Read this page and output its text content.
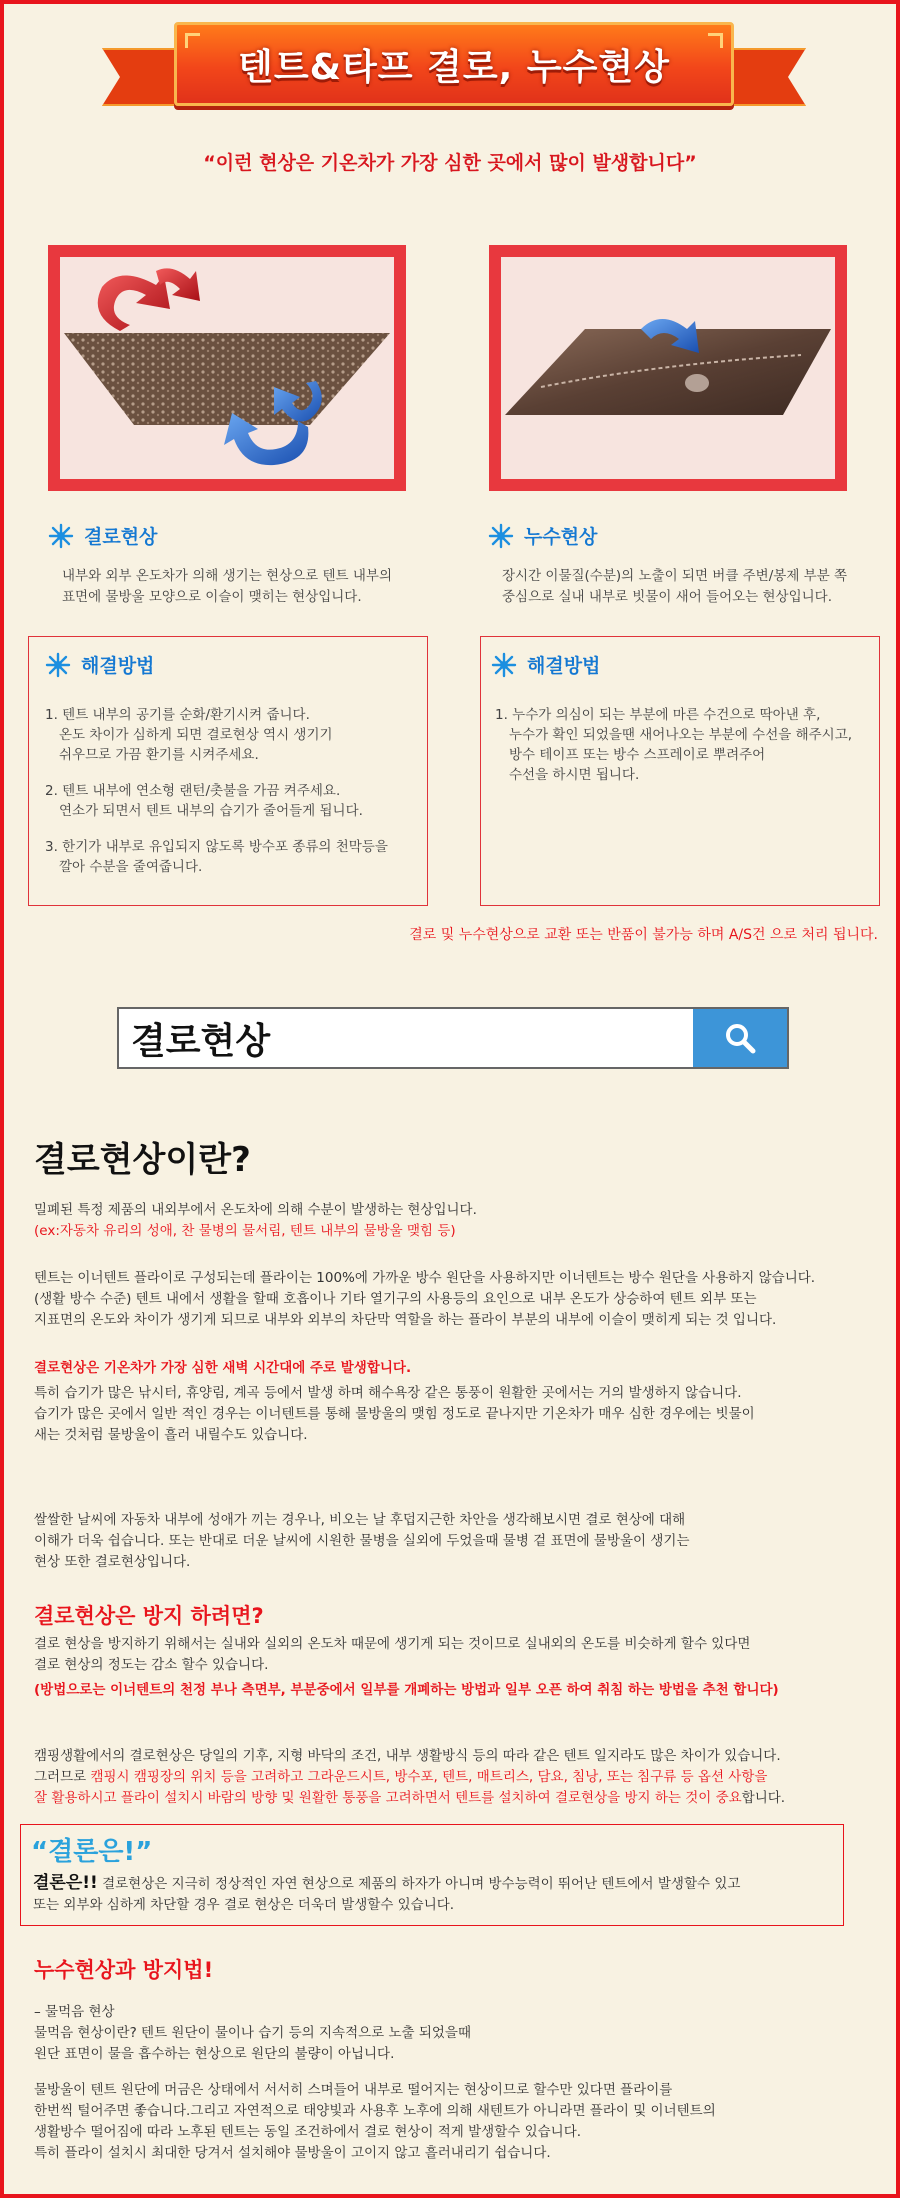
텐트&타프 결로, 누수현상
“이런 현상은 기온차가 가장 심한 곳에서 많이 발생합니다”
결로현상
내부와 외부 온도차가 의해 생기는 현상으로 텐트 내부의
표면에 물방울 모양으로 이슬이 맺히는 현상입니다.
누수현상
장시간 이물질(수분)의 노출이 되면 버클 주변/봉제 부분 쪽
중심으로 실내 내부로 빗물이 새어 들어오는 현상입니다.
해결방법
1. 텐트 내부의 공기를 순화/환기시켜 줍니다.
온도 차이가 심하게 되면 결로현상 역시 생기기
쉬우므로 가끔 환기를 시켜주세요.
2. 텐트 내부에 연소형 랜턴/촛불을 가끔 켜주세요.
연소가 되면서 텐트 내부의 습기가 줄어들게 됩니다.
3. 한기가 내부로 유입되지 않도록 방수포 종류의 천막등을
깔아 수분을 줄여줍니다.
해결방법
1. 누수가 의심이 되는 부분에 마른 수건으로 딱아낸 후,
누수가 확인 되었을땐 새어나오는 부분에 수선을 해주시고,
방수 테이프 또는 방수 스프레이로 뿌려주어
수선을 하시면 됩니다.
결로 및 누수현상으로 교환 또는 반품이 불가능 하며 A/S건 으로 처리 됩니다.
결로현상
결로현상이란?
밀폐된 특정 제품의 내외부에서 온도차에 의해 수분이 발생하는 현상입니다.
(ex:자동차 유리의 성애, 찬 물병의 물서림, 텐트 내부의 물방울 맺힘 등)
텐트는 이너텐트 플라이로 구성되는데 플라이는 100%에 가까운 방수 원단을 사용하지만 이너텐트는 방수 원단을 사용하지 않습니다.
(생활 방수 수준) 텐트 내에서 생활을 할때 호흡이나 기타 열기구의 사용등의 요인으로 내부 온도가 상승하여 텐트 외부 또는
지표면의 온도와 차이가 생기게 되므로 내부와 외부의 차단막 역할을 하는 플라이 부분의 내부에 이슬이 맺히게 되는 것 입니다.
결로현상은 기온차가 가장 심한 새벽 시간대에 주로 발생합니다.
특히 습기가 많은 낚시터, 휴양림, 계곡 등에서 발생 하며 해수욕장 같은 통풍이 원활한 곳에서는 거의 발생하지 않습니다.
습기가 많은 곳에서 일반 적인 경우는 이너텐트를 통해 물방울의 맺힘 정도로 끝나지만 기온차가 매우 심한 경우에는 빗물이
새는 것처럼 물방울이 흘러 내릴수도 있습니다.
쌀쌀한 날씨에 자동차 내부에 성애가 끼는 경우나, 비오는 날 후덥지근한 차안을 생각해보시면 결로 현상에 대해
이해가 더욱 쉽습니다. 또는 반대로 더운 날씨에 시원한 물병을 실외에 두었을때 물병 겉 표면에 물방울이 생기는
현상 또한 결로현상입니다.
결로현상은 방지 하려면?
결로 현상을 방지하기 위해서는 실내와 실외의 온도차 때문에 생기게 되는 것이므로 실내외의 온도를 비슷하게 할수 있다면
결로 현상의 정도는 감소 할수 있습니다.
(방법으로는 이너텐트의 천정 부나 측면부, 부분중에서 일부를 개폐하는 방법과 일부 오픈 하여 취침 하는 방법을 추천 합니다)
캠핑생활에서의 결로현상은 당일의 기후, 지형 바닥의 조건, 내부 생활방식 등의 따라 같은 텐트 일지라도 많은 차이가 있습니다.
그러므로 캠핑시 캠핑장의 위치 등을 고려하고 그라운드시트, 방수포, 텐트, 매트리스, 담요, 침낭, 또는 침구류 등 옵션 사항을
잘 활용하시고 플라이 설치시 바람의 방향 및 원활한 통풍을 고려하면서 텐트를 설치하여 결로현상을 방지 하는 것이 중요합니다.
“결론은!”
결론은!! 결로현상은 지극히 정상적인 자연 현상으로 제품의 하자가 아니며 방수능력이 뛰어난 텐트에서 발생할수 있고
또는 외부와 심하게 차단할 경우 결로 현상은 더욱더 발생할수 있습니다.
누수현상과 방지법!
– 물먹음 현상
물먹음 현상이란? 텐트 원단이 물이나 습기 등의 지속적으로 노출 되었을때
원단 표면이 물을 흡수하는 현상으로 원단의 불량이 아닙니다.
물방울이 텐트 원단에 머금은 상태에서 서서히 스며들어 내부로 떨어지는 현상이므로 할수만 있다면 플라이를
한번씩 털어주면 좋습니다.그리고 자연적으로 태양빛과 사용후 노후에 의해 새텐트가 아니라면 플라이 및 이너텐트의
생활방수 떨어짐에 따라 노후된 텐트는 동일 조건하에서 결로 현상이 적게 발생할수 있습니다.
특히 플라이 설치시 최대한 당겨서 설치해야 물방울이 고이지 않고 흘러내리기 쉽습니다.
